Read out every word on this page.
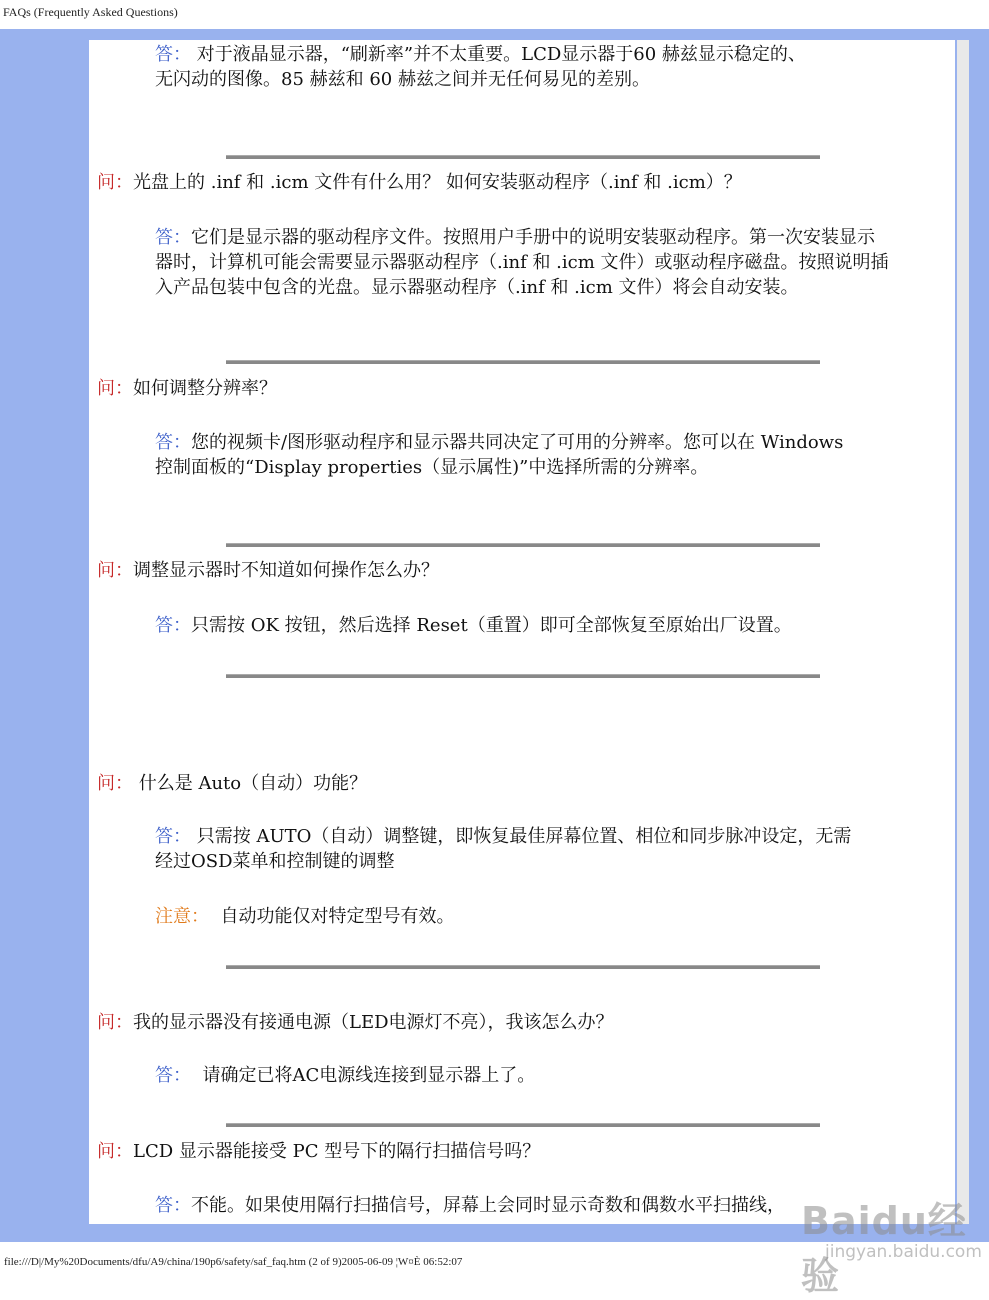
FAQs (Frequently Asked Questions)
答： 对于液晶显示器，“刷新率”并不太重要。LCD显示器于60 赫兹显示稳定的、
无闪动的图像。85 赫兹和 60 赫兹之间并无任何易见的差别。
问：光盘上的 .inf 和 .icm 文件有什么用？ 如何安装驱动程序（.inf 和 .icm）？
答：它们是显示器的驱动程序文件。按照用户手册中的说明安装驱动程序。第一次安装显示器时，计算机可能会需要显示器驱动程序（.inf 和 .icm 文件）或驱动程序磁盘。按照说明插入产品包装中包含的光盘。显示器驱动程序（.inf 和 .icm 文件）将会自动安装。
问：如何调整分辨率？
答：您的视频卡/图形驱动程序和显示器共同决定了可用的分辨率。您可以在 Windows 控制面板的“Display properties（显示属性)”中选择所需的分辨率。
问：调整显示器时不知道如何操作怎么办？
答：只需按 OK 按钮，然后选择 Reset（重置）即可全部恢复至原始出厂设置。
问： 什么是 Auto（自动）功能？
答： 只需按 AUTO（自动）调整键，即恢复最佳屏幕位置、相位和同步脉冲设定，无需经过OSD菜单和控制键的调整
注意： 自动功能仅对特定型号有效。
问：我的显示器没有接通电源（LED电源灯不亮），我该怎么办？
答： 请确定已将AC电源线连接到显示器上了。
问：LCD 显示器能接受 PC 型号下的隔行扫描信号吗？
答：不能。如果使用隔行扫描信号，屏幕上会同时显示奇数和偶数水平扫描线， Baidu经验
jingyan.baidu.com
file:///D|/My%20Documents/dfu/A9/china/190p6/safety/saf_faq.htm (2 of 9)2005-06-09 ¦W¤È 06:52:07
